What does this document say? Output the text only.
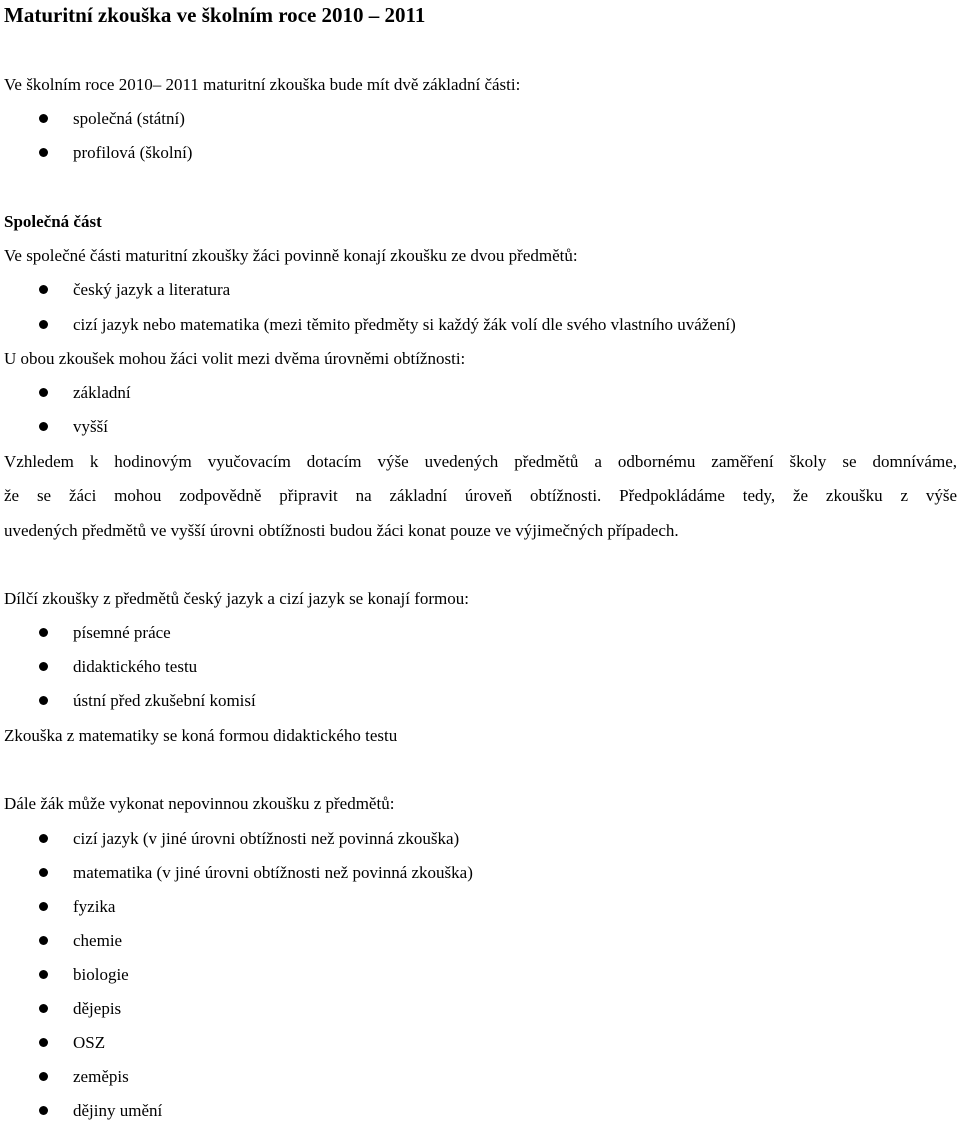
Maturitní zkouška ve školním roce 2010 – 2011
Ve školním roce 2010– 2011 maturitní zkouška bude mít dvě základní části:
společná (státní)
profilová (školní)
Společná část
Ve společné části maturitní zkoušky žáci povinně konají zkoušku ze dvou předmětů:
český jazyk a literatura
cizí jazyk nebo matematika (mezi těmito předměty si každý žák volí dle svého vlastního uvážení)
U obou zkoušek mohou žáci volit mezi dvěma úrovněmi obtížnosti:
základní
vyšší
Vzhledem k hodinovým vyučovacím dotacím výše uvedených předmětů a odbornému zaměření školy se domníváme,
že se žáci mohou zodpovědně připravit na základní úroveň obtížnosti. Předpokládáme tedy, že zkoušku z výše
uvedených předmětů ve vyšší úrovni obtížnosti budou žáci konat pouze ve výjimečných případech.
Dílčí zkoušky z předmětů český jazyk a cizí jazyk se konají formou:
písemné práce
didaktického testu
ústní před zkušební komisí
Zkouška z matematiky se koná formou didaktického testu
Dále žák může vykonat nepovinnou zkoušku z předmětů:
cizí jazyk (v jiné úrovni obtížnosti než povinná zkouška)
matematika (v jiné úrovni obtížnosti než povinná zkouška)
fyzika
chemie
biologie
dějepis
OSZ
zeměpis
dějiny umění
